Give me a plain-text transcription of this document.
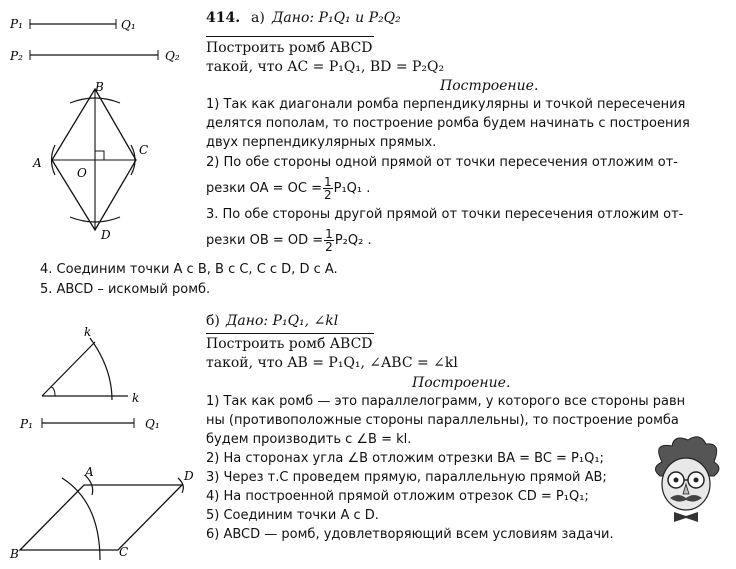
P₁	Q₁
P₂	Q₂
B
A
C
D
O
k
k
P₁	Q₁
A
B	C
D
414. а) Дано: P₁Q₁ и P₂Q₂
Построить ромб ABCD
такой, что AC = P₁Q₁, BD = P₂Q₂
Построение.
1) Так как диагонали ромба перпендикулярны и точкой пересечения
делятся пополам, то построение ромба будем начинать с построения
двух перпендикулярных прямых.
2) По обе стороны одной прямой от точки пересечения отложим от-
резки OA = OC = $\frac{1}{2} P_1Q_1$ .
3. По обе стороны другой прямой от точки пересечения отложим от-
резки OB = OD = $\frac{1}{2} P_2Q_2$ .
4. Соединим точки A с B, B с C, C с D, D с A.
5. ABCD – искомый ромб.
б) Дано: P₁Q₁, ∠kl
Построить ромб ABCD
такой, что AB = P₁Q₁, ∠ABC = ∠kl
Построение.
1) Так как ромб — это параллелограмм, у которого все стороны равн
ны (противоположные стороны параллельны), то построение ромба
будем производить с ∠B = kl.
2) На сторонах угла ∠B отложим отрезки BA = BC = P₁Q₁;
3) Через т.C проведем прямую, параллельную прямой AB;
4) На построенной прямой отложим отрезок CD = P₁Q₁;
5) Соединим точки A с D.
6) ABCD — ромб, удовлетворяющий всем условиям задачи.
